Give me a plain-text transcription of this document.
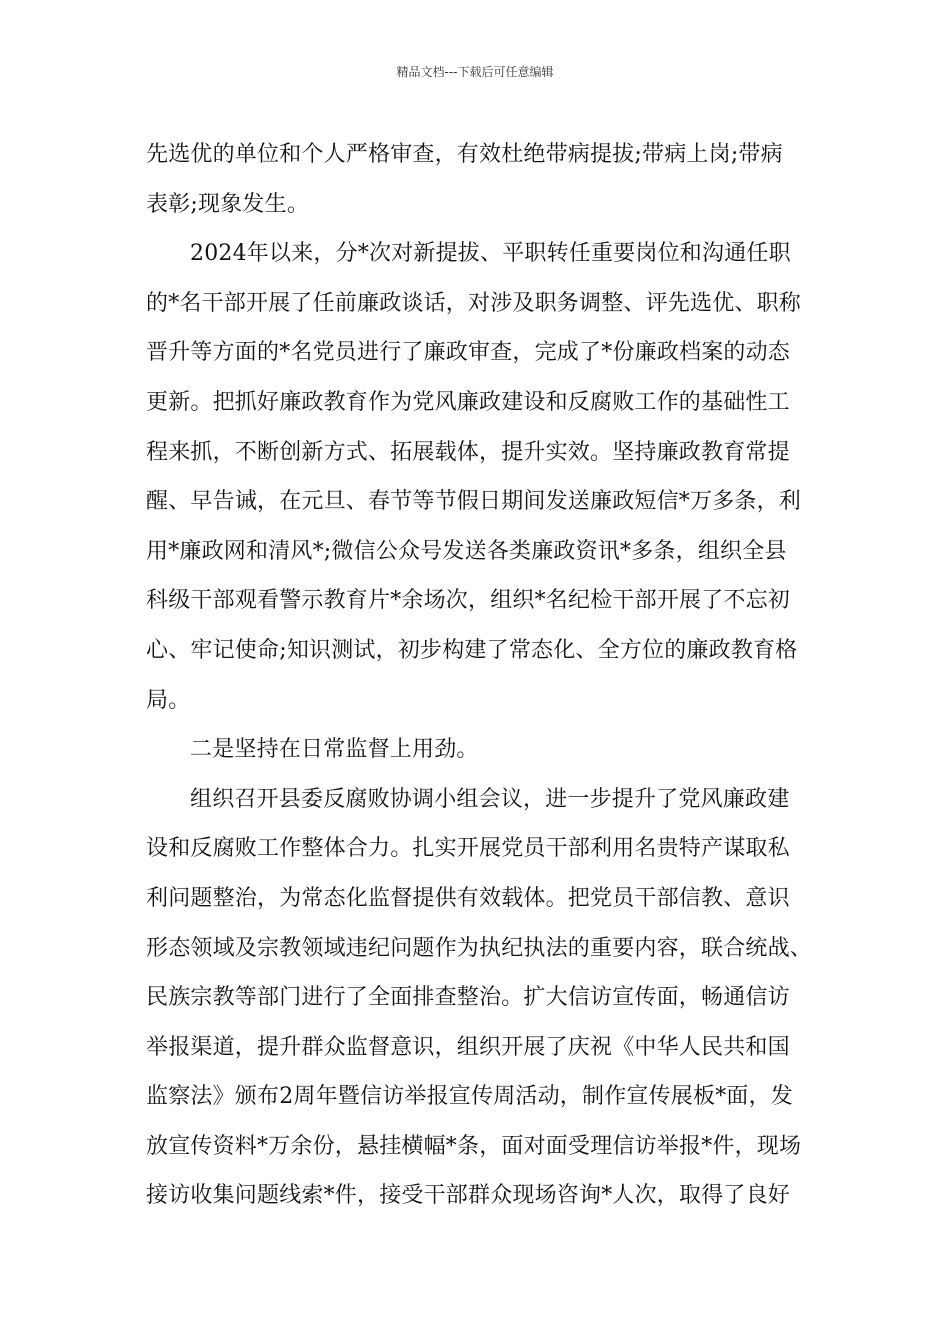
精品文档---下载后可任意编辑
先选优的单位和个人严格审查，有效杜绝带病提拔;带病上岗;带病
表彰;现象发生。
2024年以来，分*次对新提拔、平职转任重要岗位和沟通任职
的*名干部开展了任前廉政谈话，对涉及职务调整、评先选优、职称
晋升等方面的*名党员进行了廉政审查，完成了*份廉政档案的动态
更新。把抓好廉政教育作为党风廉政建设和反腐败工作的基础性工
程来抓，不断创新方式、拓展载体，提升实效。坚持廉政教育常提
醒、早告诫，在元旦、春节等节假日期间发送廉政短信*万多条，利
用*廉政网和清风*;微信公众号发送各类廉政资讯*多条，组织全县
科级干部观看警示教育片*余场次，组织*名纪检干部开展了不忘初
心、牢记使命;知识测试，初步构建了常态化、全方位的廉政教育格
局。
二是坚持在日常监督上用劲。
组织召开县委反腐败协调小组会议，进一步提升了党风廉政建
设和反腐败工作整体合力。扎实开展党员干部利用名贵特产谋取私
利问题整治，为常态化监督提供有效载体。把党员干部信教、意识
形态领域及宗教领域违纪问题作为执纪执法的重要内容，联合统战、
民族宗教等部门进行了全面排查整治。扩大信访宣传面，畅通信访
举报渠道，提升群众监督意识，组织开展了庆祝《中华人民共和国
监察法》颁布2周年暨信访举报宣传周活动，制作宣传展板*面，发
放宣传资料*万余份，悬挂横幅*条，面对面受理信访举报*件，现场
接访收集问题线索*件，接受干部群众现场咨询*人次，取得了良好
